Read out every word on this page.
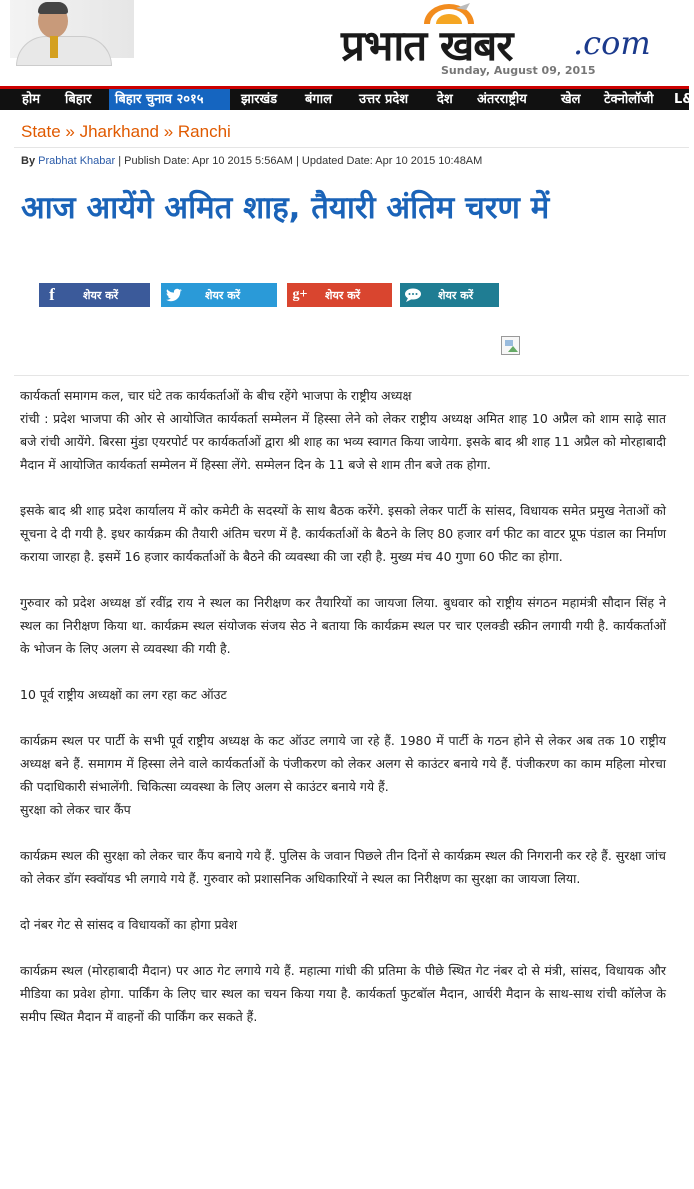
प्रभात खबर .com
Sunday, August 09, 2015
होम	बिहार	बिहार चुनाव २०१५	झारखंड	बंगाल	उत्तर प्रदेश	देश	अंतरराष्ट्रीय	खेल	टेक्नोलॉजी	L&
State » Jharkhand » Ranchi
By Prabhat Khabar | Publish Date: Apr 10 2015 5:56AM | Updated Date: Apr 10 2015 10:48AM
आज आयेंगे अमित शाह, तैयारी अंतिम चरण में
f	शेयर करें	शेयर करें	g+	शेयर करें	शेयर करें

कार्यकर्ता समागम कल, चार घंटे तक कार्यकर्ताओं के बीच रहेंगे भाजपा के राष्ट्रीय अध्यक्ष

रांची : प्रदेश भाजपा की ओर से आयोजित कार्यकर्ता सम्मेलन में हिस्सा लेने को लेकर राष्ट्रीय अध्यक्ष अमित शाह 10 अप्रैल को शाम साढ़े सात बजे रांची आयेंगे. बिरसा मुंडा एयरपोर्ट पर कार्यकर्ताओं द्वारा श्री शाह का भव्य स्वागत किया जायेगा. इसके बाद श्री शाह 11 अप्रैल को मोरहाबादी मैदान में आयोजित कार्यकर्ता सम्मेलन में हिस्सा लेंगे. सम्मेलन दिन के 11 बजे से शाम तीन बजे तक होगा.

इसके बाद श्री शाह प्रदेश कार्यालय में कोर कमेटी के सदस्यों के साथ बैठक करेंगे. इसको लेकर पार्टी के सांसद, विधायक समेत प्रमुख नेताओं को सूचना दे दी गयी है. इधर कार्यक्रम की तैयारी अंतिम चरण में है. कार्यकर्ताओं के बैठने के लिए 80 हजार वर्ग फीट का वाटर प्रूफ पंडाल का निर्माण कराया जारहा है. इसमें 16 हजार कार्यकर्ताओं के बैठने की व्यवस्था की जा रही है. मुख्य मंच 40 गुणा 60 फीट का होगा.

गुरुवार को प्रदेश अध्यक्ष डॉ रवींद्र राय ने स्थल का निरीक्षण कर तैयारियों का जायजा लिया. बुधवार को राष्ट्रीय संगठन महामंत्री सौदान सिंह ने स्थल का निरीक्षण किया था. कार्यक्रम स्थल संयोजक संजय सेठ ने बताया कि कार्यक्रम स्थल पर चार एलक्डी स्क्रीन लगायी गयी है. कार्यकर्ताओं के भोजन के लिए अलग से व्यवस्था की गयी है.

10 पूर्व राष्ट्रीय अध्यक्षों का लग रहा कट ऑउट

कार्यक्रम स्थल पर पार्टी के सभी पूर्व राष्ट्रीय अध्यक्ष के कट ऑउट लगाये जा रहे हैं. 1980 में पार्टी के गठन होने से लेकर अब तक 10 राष्ट्रीय अध्यक्ष बने हैं. समागम में हिस्सा लेने वाले कार्यकर्ताओं के पंजीकरण को लेकर अलग से काउंटर बनाये गये हैं. पंजीकरण का काम महिला मोरचा की पदाधिकारी संभालेंगी. चिकित्सा व्यवस्था के लिए अलग से काउंटर बनाये गये हैं.

सुरक्षा को लेकर चार कैंप

कार्यक्रम स्थल की सुरक्षा को लेकर चार कैंप बनाये गये हैं. पुलिस के जवान पिछले तीन दिनों से कार्यक्रम स्थल की निगरानी कर रहे हैं. सुरक्षा जांच को लेकर डॉग स्क्वॉयड भी लगाये गये हैं. गुरुवार को प्रशासनिक अधिकारियों ने स्थल का निरीक्षण का सुरक्षा का जायजा लिया.

दो नंबर गेट से सांसद व विधायकों का होगा प्रवेश

कार्यक्रम स्थल (मोरहाबादी मैदान) पर आठ गेट लगाये गये हैं. महात्मा गांधी की प्रतिमा के पीछे स्थित गेट नंबर दो से मंत्री, सांसद, विधायक और मीडिया का प्रवेश होगा. पार्किंग के लिए चार स्थल का चयन किया गया है. कार्यकर्ता फुटबॉल मैदान, आर्चरी मैदान के साथ-साथ रांची कॉलेज के समीप स्थित मैदान में वाहनों की पार्किंग कर सकते हैं.
